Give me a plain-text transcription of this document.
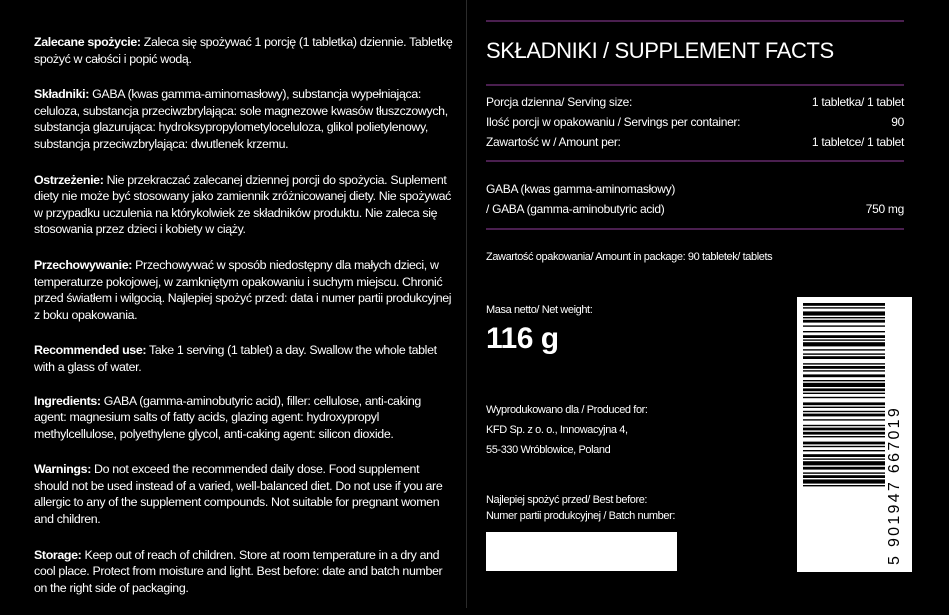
Zalecane spożycie: Zaleca się spożywać 1 porcję (1 tabletka) dziennie. Tabletkę spożyć w całości i popić wodą.

Składniki: GABA (kwas gamma-aminomasłowy), substancja wypełniająca: celuloza, substancja przeciwzbrylająca: sole magnezowe kwasów tłuszczowych, substancja glazurująca: hydroksypropylometyloceluloza, glikol polietylenowy, substancja przeciwzbrylająca: dwutlenek krzemu.

Ostrzeżenie: Nie przekraczać zalecanej dziennej porcji do spożycia. Suplement diety nie może być stosowany jako zamiennik zróżnicowanej diety. Nie spożywać w przypadku uczulenia na którykolwiek ze składników produktu. Nie zaleca się stosowania przez dzieci i kobiety w ciąży.

Przechowywanie: Przechowywać w sposób niedostępny dla małych dzieci, w temperaturze pokojowej, w zamkniętym opakowaniu i suchym miejscu. Chronić przed światłem i wilgocią. Najlepiej spożyć przed: data i numer partii produkcyjnej z boku opakowania.

Recommended use: Take 1 serving (1 tablet) a day. Swallow the whole tablet with a glass of water.

Ingredients: GABA (gamma-aminobutyric acid), filler: cellulose, anti-caking agent: magnesium salts of fatty acids, glazing agent: hydroxypropyl methylcellulose, polyethylene glycol, anti-caking agent: silicon dioxide.

Warnings: Do not exceed the recommended daily dose. Food supplement should not be used instead of a varied, well-balanced diet. Do not use if you are allergic to any of the supplement compounds. Not suitable for pregnant women and children.

Storage: Keep out of reach of children. Store at room temperature in a dry and cool place. Protect from moisture and light. Best before: date and batch number on the right side of packaging.

SKŁADNIKI / SUPPLEMENT FACTS
Porcja dzienna/ Serving size:	1 tabletka/ 1 tablet
Ilość porcji w opakowaniu / Servings per container:	90
Zawartość w / Amount per:	1 tabletce/ 1 tablet
GABA (kwas gamma-aminomasłowy)
/ GABA (gamma-aminobutyric acid)	750 mg
Zawartość opakowania/ Amount in package: 90 tabletek/ tablets
Masa netto/ Net weight:
116 g
Wyprodukowano dla / Produced for:
KFD Sp. z o. o., Innowacyjna 4,
55-330 Wróblowice, Poland
Najlepiej spożyć przed/ Best before:
Numer partii produkcyjnej / Batch number:	5 901947 667019
